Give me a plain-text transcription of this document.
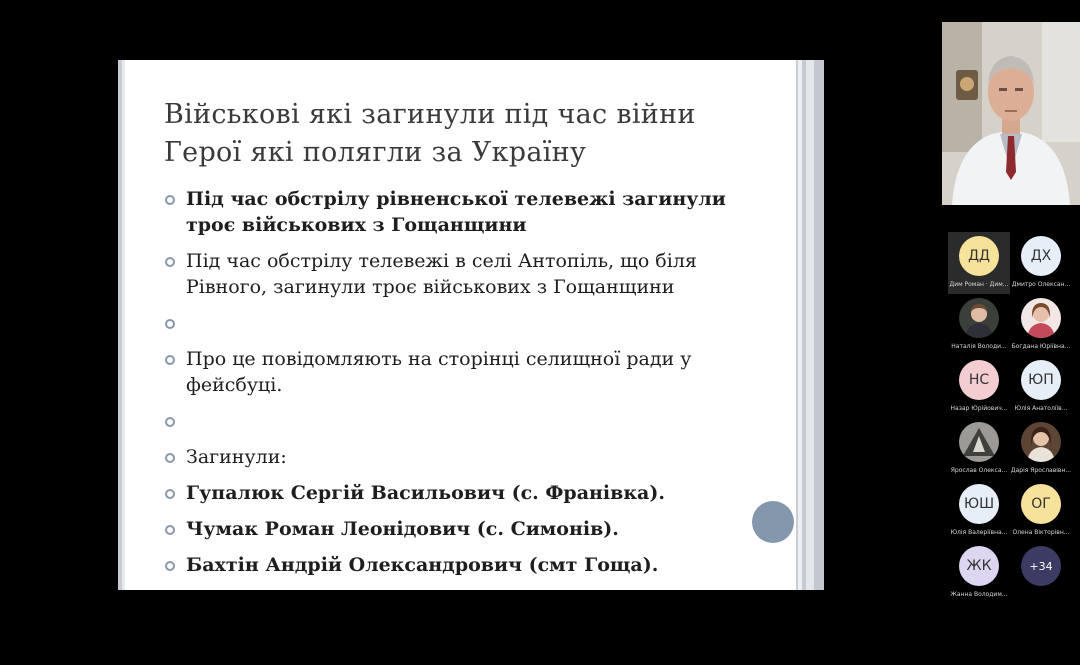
Військові які загинули під час війни
Герої які полягли за Україну
Під час обстрілу рівненської телевежі загинули троє військових з Гощанщини
Під час обстрілу телевежі в селі Антопіль, що біля Рівного, загинули троє військових з Гощанщини
Про це повідомляють на сторінці селищної ради у фейсбуці.
Загинули:
Гупалюк Сергій Васильович (с. Франівка).
Чумак Роман Леонідович (с. Симонів).
Бахтін Андрій Олександрович (смт Гоща).
ДД
Дим Роман · Дим...
ДХ
Дмитро Олексан...
Наталія Володи... Богдана Юріївна...
НС
Назар Юрійович...
ЮП
Юлія Анатоліїв...
Ярослав Олекса... Дарія Ярославівн...
ЮШ
Юлія Валеріївна...
ОГ
Олена Вікторівн...
ЖК
Жанна Володим...
+34
